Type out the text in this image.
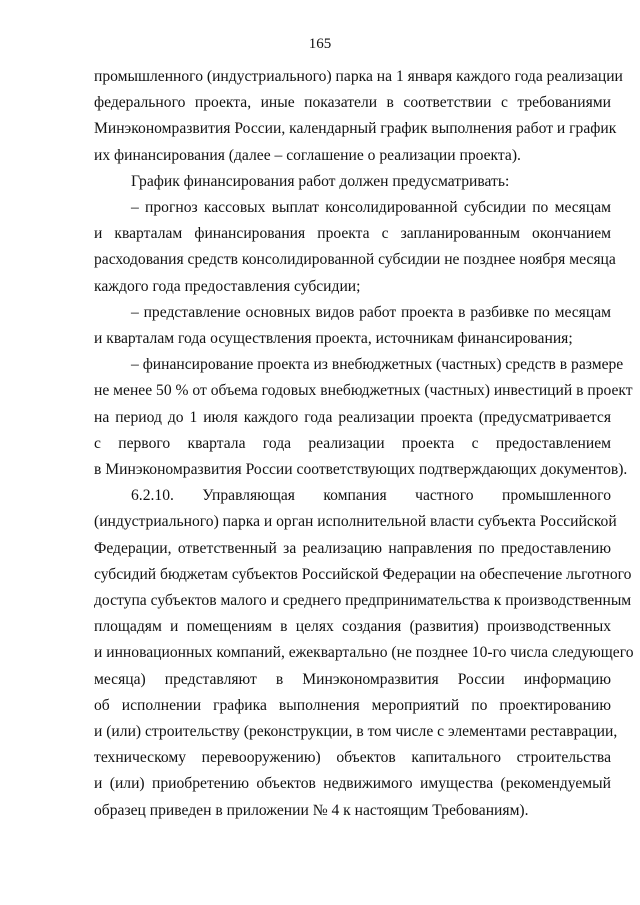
165
промышленного (индустриального) парка на 1 января каждого года реализации
федерального проекта, иные показатели в соответствии с требованиями
Минэкономразвития России, календарный график выполнения работ и график
их финансирования (далее – соглашение о реализации проекта).
График финансирования работ должен предусматривать:
– прогноз кассовых выплат консолидированной субсидии по месяцам
и кварталам финансирования проекта с запланированным окончанием
расходования средств консолидированной субсидии не позднее ноября месяца
каждого года предоставления субсидии;
– представление основных видов работ проекта в разбивке по месяцам
и кварталам года осуществления проекта, источникам финансирования;
– финансирование проекта из внебюджетных (частных) средств в размере
не менее 50 % от объема годовых внебюджетных (частных) инвестиций в проект
на период до 1 июля каждого года реализации проекта (предусматривается
с первого квартала года реализации проекта с предоставлением
в Минэкономразвития России соответствующих подтверждающих документов).
6.2.10. Управляющая компания частного промышленного
(индустриального) парка и орган исполнительной власти субъекта Российской
Федерации, ответственный за реализацию направления по предоставлению
субсидий бюджетам субъектов Российской Федерации на обеспечение льготного
доступа субъектов малого и среднего предпринимательства к производственным
площадям и помещениям в целях создания (развития) производственных
и инновационных компаний, ежеквартально (не позднее 10-го числа следующего
месяца) представляют в Минэкономразвития России информацию
об исполнении графика выполнения мероприятий по проектированию
и (или) строительству (реконструкции, в том числе с элементами реставрации,
техническому перевооружению) объектов капитального строительства
и (или) приобретению объектов недвижимого имущества (рекомендуемый
образец приведен в приложении № 4 к настоящим Требованиям).
